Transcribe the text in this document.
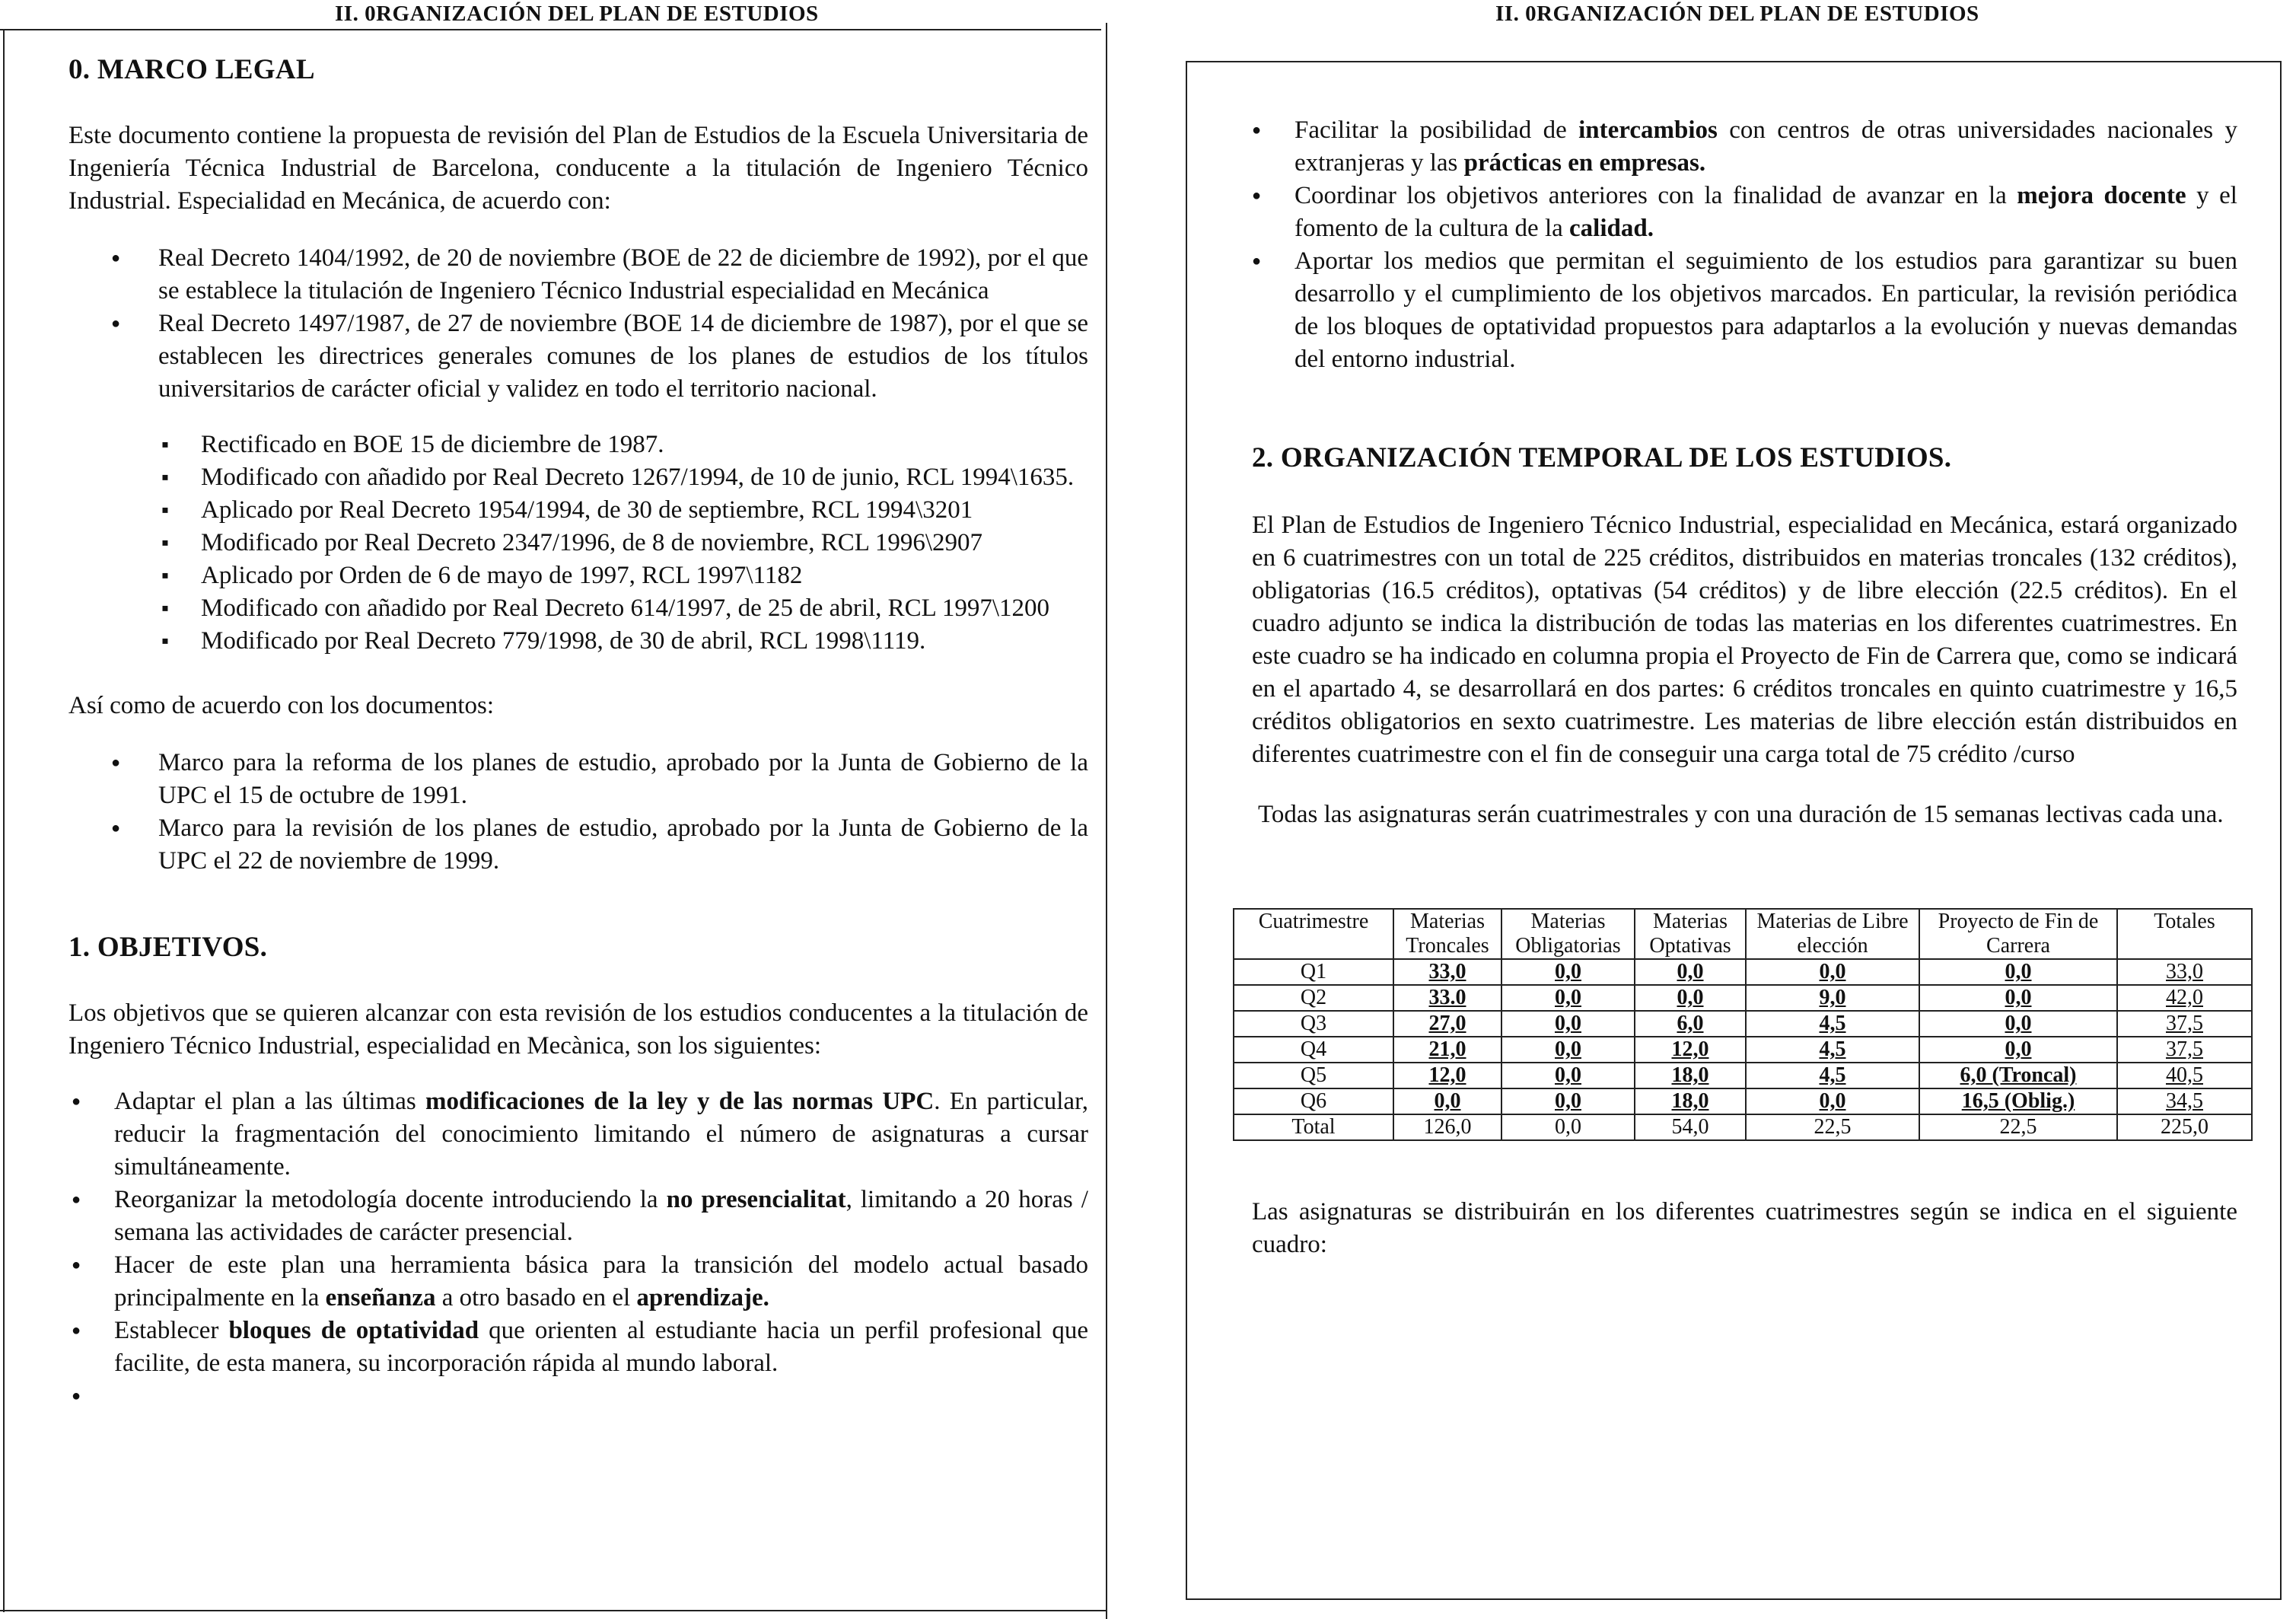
II. 0RGANIZACIÓN DEL PLAN DE ESTUDIOS	II. 0RGANIZACIÓN DEL PLAN DE ESTUDIOS
0. MARCO LEGAL

Este documento contiene la propuesta de revisión del Plan de Estudios de la Escuela Universitaria de Ingeniería Técnica Industrial de Barcelona, conducente a la titulación de Ingeniero Técnico Industrial. Especialidad en Mecánica, de acuerdo con:

● Real Decreto 1404/1992, de 20 de noviembre (BOE de 22 de diciembre de 1992), por el que se establece la titulación de Ingeniero Técnico Industrial especialidad en Mecánica
● Real Decreto 1497/1987, de 27 de noviembre (BOE 14 de diciembre de 1987), por el que se establecen les directrices generales comunes de los planes de estudios de los títulos universitarios de carácter oficial y validez en todo el territorio nacional.
▪ Rectificado en BOE 15 de diciembre de 1987.
▪ Modificado con añadido por Real Decreto 1267/1994, de 10 de junio, RCL 1994\1635.
▪ Aplicado por Real Decreto 1954/1994, de 30 de septiembre, RCL 1994\3201
▪ Modificado por Real Decreto 2347/1996, de 8 de noviembre, RCL 1996\2907
▪ Aplicado por Orden de 6 de mayo de 1997, RCL 1997\1182
▪ Modificado con añadido por Real Decreto 614/1997, de 25 de abril, RCL 1997\1200
▪ Modificado por Real Decreto 779/1998, de 30 de abril, RCL 1998\1119.

Así como de acuerdo con los documentos:

● Marco para la reforma de los planes de estudio, aprobado por la Junta de Gobierno de la UPC el 15 de octubre de 1991.
● Marco para la revisión de los planes de estudio, aprobado por la Junta de Gobierno de la UPC el 22 de noviembre de 1999.
1. OBJETIVOS.

Los objetivos que se quieren alcanzar con esta revisión de los estudios conducentes a la titulación de Ingeniero Técnico Industrial, especialidad en Mecànica, son los siguientes:

● Adaptar el plan a las últimas modificaciones de la ley y de las normas UPC. En particular, reducir la fragmentación del conocimiento limitando el número de asignaturas a cursar simultáneamente.
● Reorganizar la metodología docente introduciendo la no presencialitat, limitando a 20 horas / semana las actividades de carácter presencial.
● Hacer de este plan una herramienta básica para la transición del modelo actual basado principalmente en la enseñanza a otro basado en el aprendizaje.
● Establecer bloques de optatividad que orienten al estudiante hacia un perfil profesional que facilite, de esta manera, su incorporación rápida al mundo laboral.
●
● Facilitar la posibilidad de intercambios con centros de otras universidades nacionales y extranjeras y las prácticas en empresas.
● Coordinar los objetivos anteriores con la finalidad de avanzar en la mejora docente y el fomento de la cultura de la calidad.
● Aportar los medios que permitan el seguimiento de los estudios para garantizar su buen desarrollo y el cumplimiento de los objetivos marcados. En particular, la revisión periódica de los bloques de optatividad propuestos para adaptarlos a la evolución y nuevas demandas del entorno industrial.
2. ORGANIZACIÓN TEMPORAL DE LOS ESTUDIOS.

El Plan de Estudios de Ingeniero Técnico Industrial, especialidad en Mecánica, estará organizado en 6 cuatrimestres con un total de 225 créditos, distribuidos en materias troncales (132 créditos), obligatorias (16.5 créditos), optativas (54 créditos) y de libre elección (22.5 créditos). En el cuadro adjunto se indica la distribución de todas las materias en los diferentes cuatrimestres. En este cuadro se ha indicado en columna propia el Proyecto de Fin de Carrera que, como se indicará en el apartado 4, se desarrollará en dos partes: 6 créditos troncales en quinto cuatrimestre y 16,5 créditos obligatorios en sexto cuatrimestre. Les materias de libre elección están distribuidos en diferentes cuatrimestre con el fin de conseguir una carga total de 75 crédito /curso

Todas las asignaturas serán cuatrimestrales y con una duración de 15 semanas lectivas cada una.

Cuatrimestre	Materias Troncales	Materias Obligatorias	Materias Optativas	Materias de Libre elección	Proyecto de Fin de Carrera	Totales
Q1	33,0	0,0	0,0	0,0	0,0	33,0
Q2	33.0	0,0	0,0	9,0	0,0	42,0
Q3	27,0	0,0	6,0	4,5	0,0	37,5
Q4	21,0	0,0	12,0	4,5	0,0	37,5
Q5	12,0	0,0	18,0	4,5	6,0 (Troncal)	40,5
Q6	0,0	0,0	18,0	0,0	16,5 (Oblig.)	34,5
Total	126,0	0,0	54,0	22,5	22,5	225,0

Las asignaturas se distribuirán en los diferentes cuatrimestres según se indica en el siguiente cuadro:
